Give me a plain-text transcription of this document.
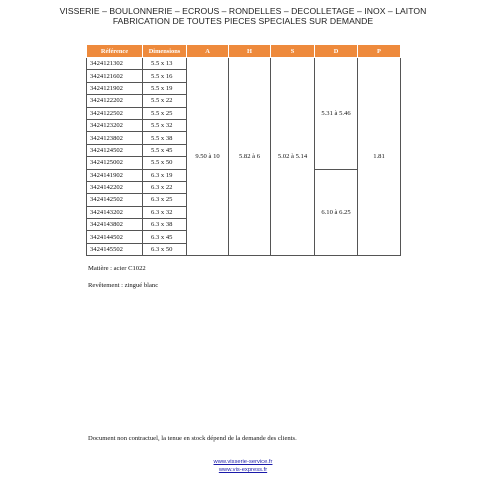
VISSERIE – BOULONNERIE – ECROUS – RONDELLES – DECOLLETAGE – INOX – LAITON
FABRICATION DE TOUTES PIECES SPECIALES SUR DEMANDE
Référence	Dimensions	A	H	S	D	P
3424121302	5.5 x 13	9.50 à 10	5.82 à 6	5.02 à 5.14	5.31 à 5.46	1.81
3424121602	5.5 x 16					
3424121902	5.5 x 19					
3424122202	5.5 x 22					
3424122502	5.5 x 25					
3424123202	5.5 x 32					
3424123802	5.5 x 38					
3424124502	5.5 x 45					
3424125002	5.5 x 50					
3424141902	6.3 x 19				6.10 à 6.25	
3424142202	6.3 x 22					
3424142502	6.3 x 25					
3424143202	6.3 x 32					
3424143802	6.3 x 38					
3424144502	6.3 x 45					
3424145502	6.3 x 50					
Matière : acier C1022
Revêtement : zingué blanc
Document non contractuel, la tenue en stock dépend de la demande des clients.
www.visserie-service.fr
www.vis-express.fr
